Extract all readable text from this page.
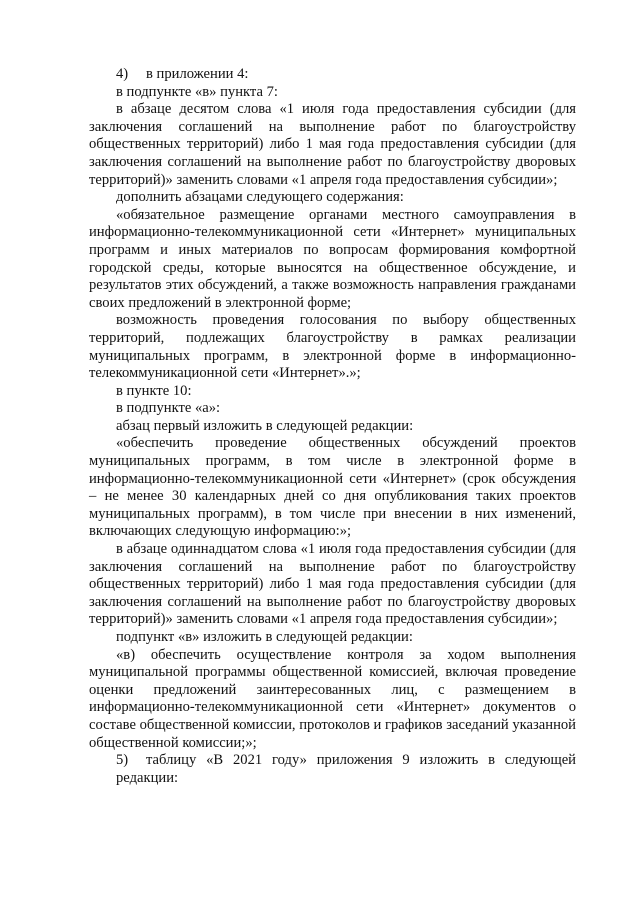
4) в приложении 4:

в подпункте «в» пункта 7:

в абзаце десятом слова «1 июля года предоставления субсидии (для заключения соглашений на выполнение работ по благоустройству общественных территорий) либо 1 мая года предоставления субсидии (для заключения соглашений на выполнение работ по благоустройству дворовых территорий)» заменить словами «1 апреля года предоставления субсидии»;

дополнить абзацами следующего содержания:

«обязательное размещение органами местного самоуправления в информационно-телекоммуникационной сети «Интернет» муниципальных программ и иных материалов по вопросам формирования комфортной городской среды, которые выносятся на общественное обсуждение, и результатов этих обсуждений, а также возможность направления гражданами своих предложений в электронной форме;

возможность проведения голосования по выбору общественных территорий, подлежащих благоустройству в рамках реализации муниципальных программ, в электронной форме в информационно-телекоммуникационной сети «Интернет».»;

в пункте 10:

в подпункте «а»:

абзац первый изложить в следующей редакции:

«обеспечить проведение общественных обсуждений проектов муниципальных программ, в том числе в электронной форме в информационно-телекоммуникационной сети «Интернет» (срок обсуждения – не менее 30 календарных дней со дня опубликования таких проектов муниципальных программ), в том числе при внесении в них изменений, включающих следующую информацию:»;

в абзаце одиннадцатом слова «1 июля года предоставления субсидии (для заключения соглашений на выполнение работ по благоустройству общественных территорий) либо 1 мая года предоставления субсидии (для заключения соглашений на выполнение работ по благоустройству дворовых территорий)» заменить словами «1 апреля года предоставления субсидии»;

подпункт «в» изложить в следующей редакции:

«в) обеспечить осуществление контроля за ходом выполнения муниципальной программы общественной комиссией, включая проведение оценки предложений заинтересованных лиц, с размещением в информационно-телекоммуникационной сети «Интернет» документов о составе общественной комиссии, протоколов и графиков заседаний указанной общественной комиссии;»;

5) таблицу «В 2021 году» приложения 9 изложить в следующей редакции:
